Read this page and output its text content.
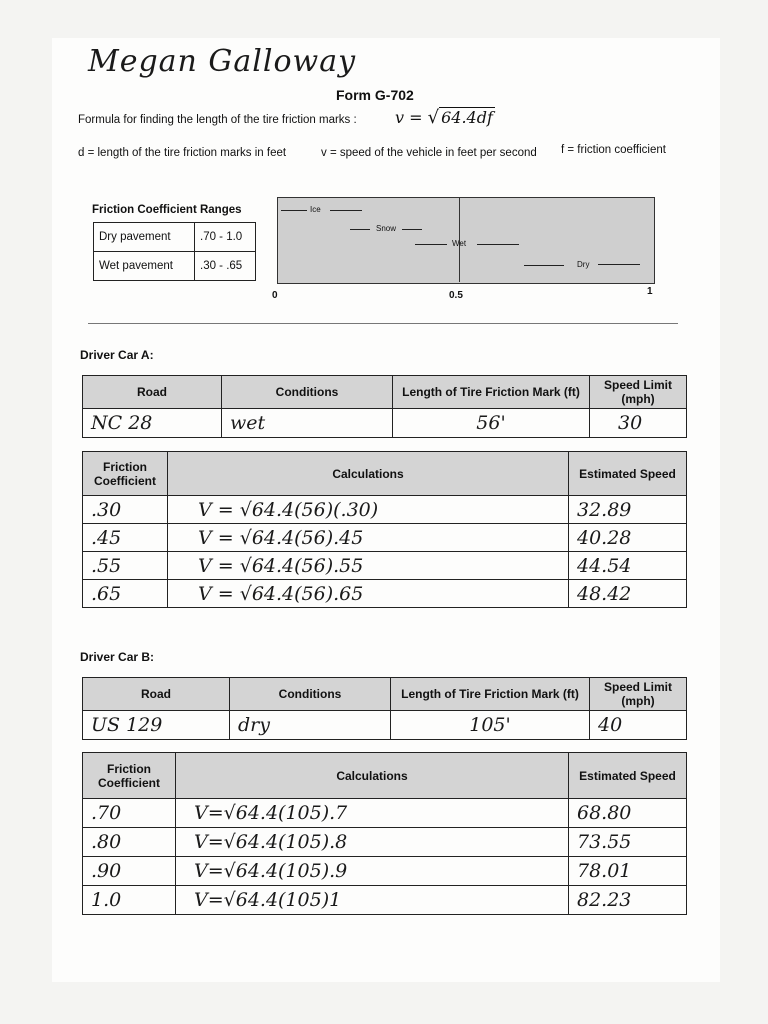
Megan Galloway
Form G-702
Formula for finding the length of the tire friction marks : v = √ 64.4df
d = length of the tire friction marks in feet	v = speed of the vehicle in feet per second f = friction coefficient
Friction Coefficient Ranges
Dry pavement	.70 - 1.0
Wet pavement	.30 - .65
Ice
Snow
Wet
Dry
0	0.5	1
Driver Car A:
Road	Conditions	Length of Tire Friction Mark (ft)	Speed Limit (mph)
NC 28	wet	56'	30
Friction Coefficient	Calculations	Estimated Speed
.30	V = √64.4(56)(.30)	32.89
.45	V = √64.4(56).45	40.28
.55	V = √64.4(56).55	44.54
.65	V = √64.4(56).65	48.42
Driver Car B:
Road	Conditions	Length of Tire Friction Mark (ft)	Speed Limit (mph)
US 129	dry	105'	40
Friction Coefficient	Calculations	Estimated Speed
.70	V=√64.4(105).7	68.80
.80	V=√64.4(105).8	73.55
.90	V=√64.4(105).9	78.01
1.0	V=√64.4(105)1	82.23
